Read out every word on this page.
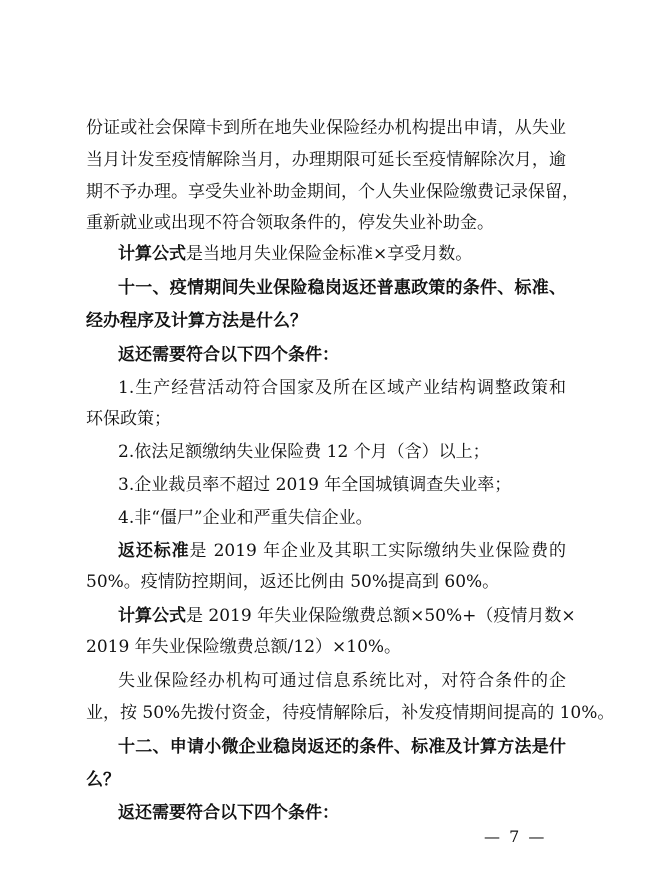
份证或社会保障卡到所在地失业保险经办机构提出申请，从失业

当月计发至疫情解除当月，办理期限可延长至疫情解除次月，逾

期不予办理。享受失业补助金期间，个人失业保险缴费记录保留，

重新就业或出现不符合领取条件的，停发失业补助金。

计算公式是当地月失业保险金标准×享受月数。

十一、疫情期间失业保险稳岗返还普惠政策的条件、标准、

经办程序及计算方法是什么？

返还需要符合以下四个条件：

1.生产经营活动符合国家及所在区域产业结构调整政策和

环保政策；

2.依法足额缴纳失业保险费 12 个月（含）以上；

3.企业裁员率不超过 2019 年全国城镇调查失业率；

4.非“僵尸”企业和严重失信企业。

返还标准是 2019 年企业及其职工实际缴纳失业保险费的

50%。疫情防控期间，返还比例由 50%提高到 60%。

计算公式是 2019 年失业保险缴费总额×50%+（疫情月数×

2019 年失业保险缴费总额/12）×10%。

失业保险经办机构可通过信息系统比对，对符合条件的企

业，按 50%先拨付资金，待疫情解除后，补发疫情期间提高的 10%。

十二、申请小微企业稳岗返还的条件、标准及计算方法是什

么？

返还需要符合以下四个条件：

— 7 —
